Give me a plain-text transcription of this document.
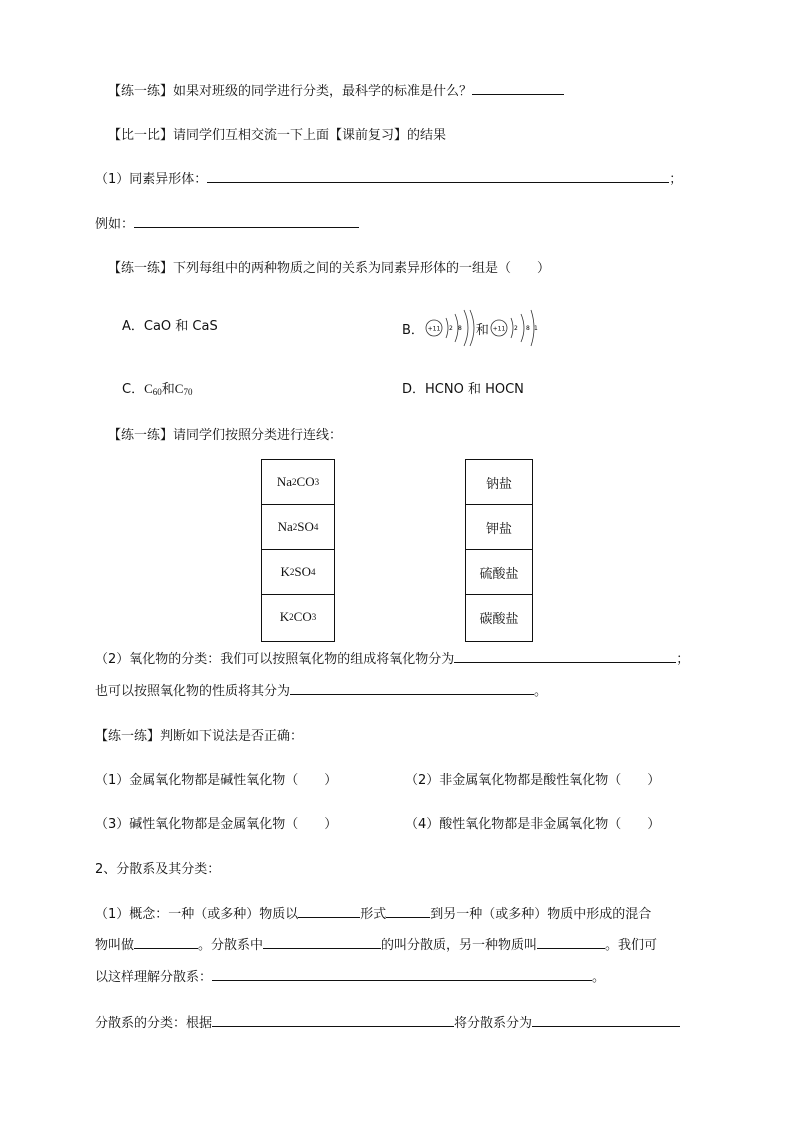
【练一练】如果对班级的同学进行分类，最科学的标准是什么？
【比一比】请同学们互相交流一下上面【课前复习】的结果
（1）同素异形体：	；
例如：
【练一练】下列每组中的两种物质之间的关系为同素异形体的一组是（　　）
A．CaO 和 CaS	B． +11 2 8 和 +11 2 8 1
C．$C_{60}$和$C_{70}$	D．HCNO 和 HOCN
【练一练】请同学们按照分类进行连线：
Na 2 CO 3
Na 2 SO 4
K 2 SO 4
K 2 CO 3
钠盐
钾盐
硫酸盐
碳酸盐
（2）氧化物的分类：我们可以按照氧化物的组成将氧化物分为	；
也可以按照氧化物的性质将其分为	。
【练一练】判断如下说法是否正确：
（1）金属氧化物都是碱性氧化物（　　）	（2）非金属氧化物都是酸性氧化物（　　）
（3）碱性氧化物都是金属氧化物（　　）	（4）酸性氧化物都是非金属氧化物（　　）
2、分散系及其分类：
（1）概念：一种（或多种）物质以	形式	到另一种（或多种）物质中形成的混合
物叫做	。分散系中	的叫分散质，另一种物质叫	。我们可
以这样理解分散系：	。
分散系的分类：根据	将分散系分为
